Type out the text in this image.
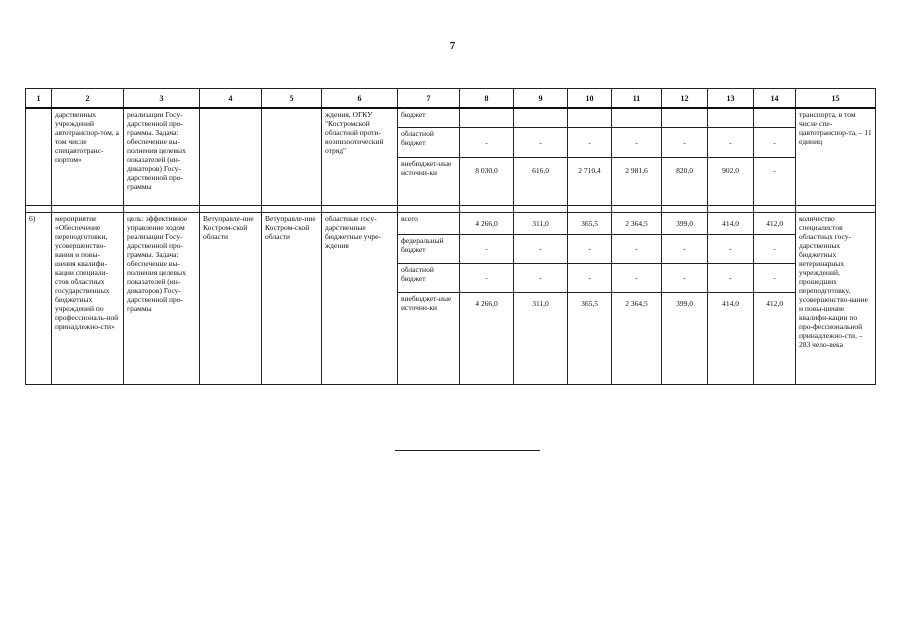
7
1	2	3	4	5	6	7	8	9	10	11	12	13	14	15
	дарственных учреждений автотранспор-том, а том числе спецавтотранс-портом»	реализации Госу-дарственной про-граммы. Задача: обеспечение вы-полнения целевых показателей (ин-дикаторов) Госу-дарственной про-граммы			ждения, ОГКУ "Костромской областной проти-воэпизоотический отряд"	бюджет								транспорта, в том числе спе-цавтотранспор-та, – 11 единиц
						областной бюджет	-	-	-	-	-	-	-	
						внебюджет-ные источни-ки	8 030,0	616,0	2 710,4	2 981,6	820,0	902,0	-	

6)	мероприятие «Обеспечение переподготовки, усовершенство-вания и повы-шения квалифи-кации специали-стов областных государственных бюджетных учреждений по профессиональ-ной принадлежно-сти»	цель: эффективное управление ходом реализации Госу-дарственной про-граммы. Задача: обеспечение вы-полнения целевых показателей (ин-дикаторов) Госу-дарственной про-граммы	Ветуправле-ние Костром-ской области	Ветуправле-ние Костром-ской области	областные госу-дарственные бюджетные учре-ждения	всего	4 266,0	311,0	365,5	2 364,5	399,0	414,0	412,0	количество специалистов областных госу-дарственных бюджетных ветеринарных учреждений, прошедших переподготовку, усовершенство-вание и повы-шение квалифи-кации по про-фессиональной принадлежно-сти, – 283 чело-века
						федеральный бюджет	-	-	-	-	-	-	-	
						областной бюджет	-	-	-	-	-	-	-	
						внебюджет-ные источни-ки	4 266,0	311,0	365,5	2 364,5	399,0	414,0	412,0	
